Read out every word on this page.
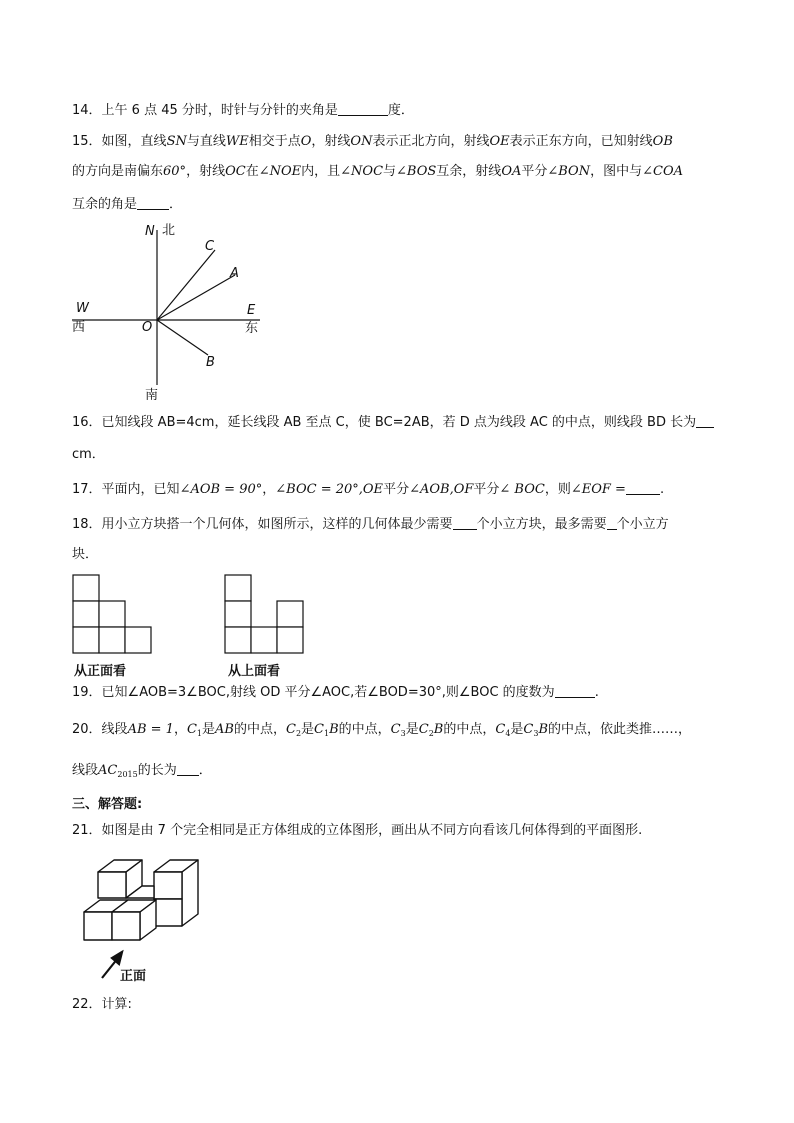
14．上午 6 点 45 分时，时针与分针的夹角是	度．
15．如图，直线SN与直线WE相交于点O，射线ON表示正北方向，射线OE表示正东方向，已知射线OB
的方向是南偏东60°，射线OC在∠NOE内，且∠NOC与∠BOS互余，射线OA平分∠BON，图中与∠COA
互余的角是 ．
N 北
C
A
W
西	O
E
东
B
南
16．已知线段 AB=4cm，延长线段 AB 至点 C，使 BC=2AB，若 D 点为线段 AC 的中点，则线段 BD 长为
cm．
17．平面内，已知∠AOB = 90°，∠BOC = 20°,OE平分∠AOB,OF平分∠ BOC，则∠EOF =	.
18．用小立方块搭一个几何体，如图所示，这样的几何体最少需要 个小立方块，最多需要 个小立方
块．
从正面看	从上面看
19．已知∠AOB=3∠BOC,射线 OD 平分∠AOC,若∠BOD=30°,则∠BOC 的度数为	.
20．线段AB = 1，$C_1$是AB的中点，$C_2$是$C_1B$的中点，$C_3$是$C_2B$的中点，$C_4$是$C_3B$的中点，依此类推……，
线段$AC_{2015}$的长为 ．
三、解答题:
21．如图是由 7 个完全相同是正方体组成的立体图形，画出从不同方向看该几何体得到的平面图形.
正面
22．计算:
